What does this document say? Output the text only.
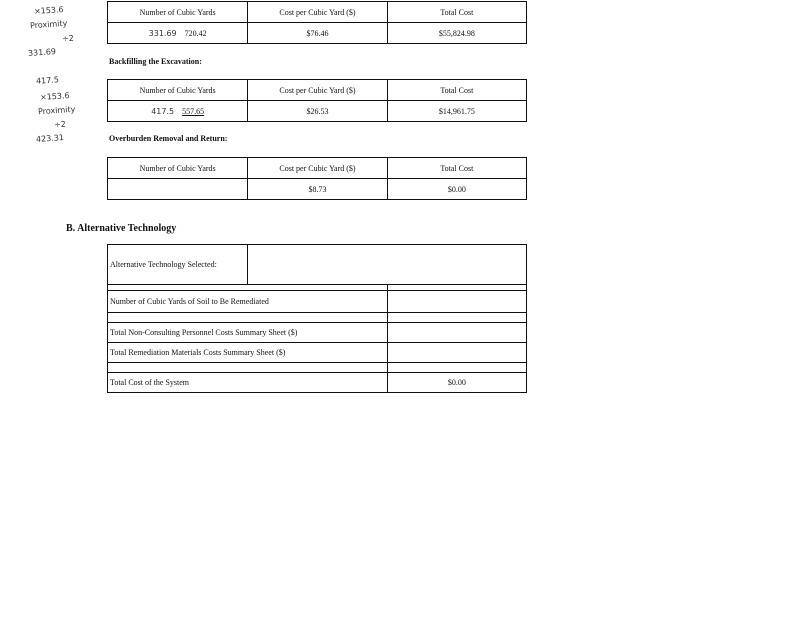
×153.6
Proximity
÷2
331.69
417.5
×153.6
Proximity
÷2
423.31
Number of Cubic Yards	Cost per Cubic Yard ($)	Total Cost
331.69 720.42	$76.46	$55,824.98
Backfilling the Excavation:
Number of Cubic Yards	Cost per Cubic Yard ($)	Total Cost
417.5 557.65	$26.53	$14,961.75
Overburden Removal and Return:
Number of Cubic Yards	Cost per Cubic Yard ($)	Total Cost
	$8.73	$0.00
B. Alternative Technology
Alternative Technology Selected:		

Number of Cubic Yards of Soil to Be Remediated		

Total Non-Consulting Personnel Costs Summary Sheet ($)		
Total Remediation Materials Costs Summary Sheet ($)		

Total Cost of the System		$0.00
